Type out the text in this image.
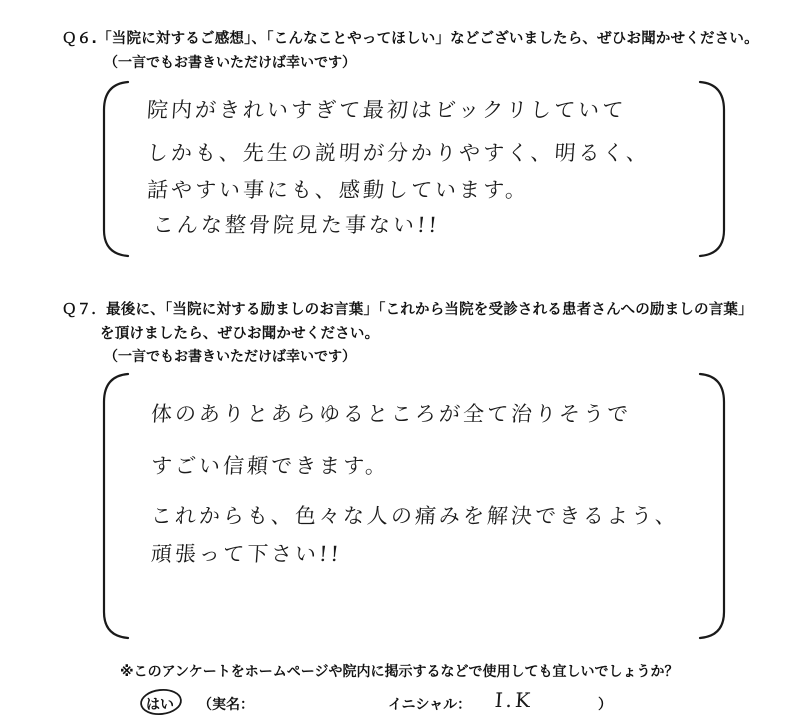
Ｑ６.「当院に対するご感想」、「こんなことやってほしい」などございましたら、ぜひお聞かせください。
（一言でもお書きいただけば幸いです）
Ｑ７．最後に、「当院に対する励ましのお言葉」「これから当院を受診される患者さんへの励ましの言葉」
を頂けましたら、ぜひお聞かせください。
（一言でもお書きいただけば幸いです）
院内がきれいすぎて最初はビックリしていて
しかも、先生の説明が分かりやすく、明るく、
話やすい事にも、感動しています。
こんな整骨院見た事ない!!
体のありとあらゆるところが全て治りそうで
すごい信頼できます。
これからも、色々な人の痛みを解決できるよう、
頑張って下さい!!
※このアンケートをホームページや院内に掲示するなどで使用しても宜しいでしょうか？
はい （実名：	イニシャル： I.K	）
